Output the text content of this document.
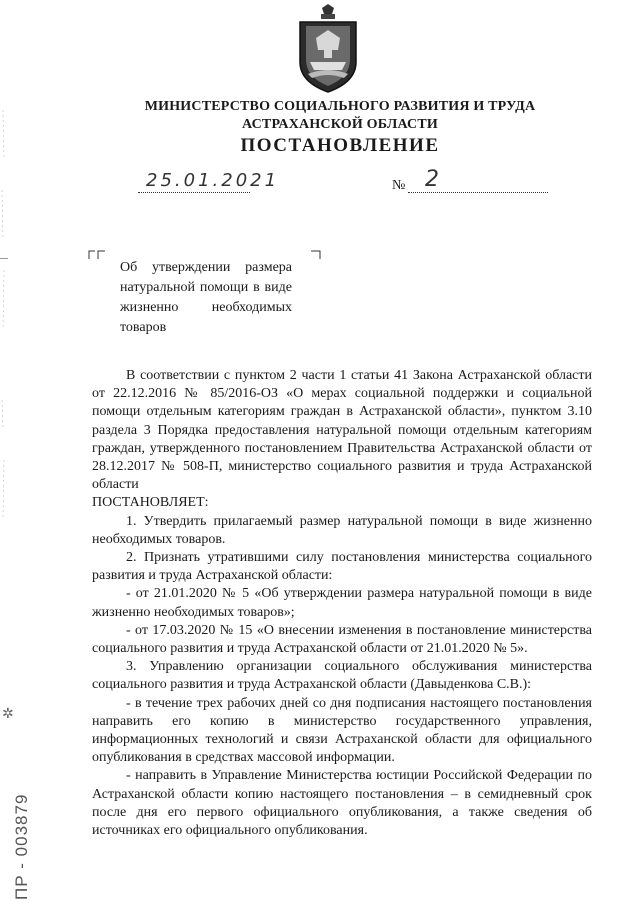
МИНИСТЕРСТВО СОЦИАЛЬНОГО РАЗВИТИЯ И ТРУДА
АСТРАХАНСКОЙ ОБЛАСТИ
ПОСТАНОВЛЕНИЕ
25.01.2021	№ 2
Об утверждении размера натуральной помощи в виде жизненно необходимых товаров

В соответствии с пунктом 2 части 1 статьи 41 Закона Астраханской области от 22.12.2016 № 85/2016-ОЗ «О мерах социальной поддержки и социальной помощи отдельным категориям граждан в Астраханской области», пунктом 3.10 раздела 3 Порядка предоставления натуральной помощи отдельным категориям граждан, утвержденного постановлением Правительства Астраханской области от 28.12.2017 № 508-П, министерство социального развития и труда Астраханской области

ПОСТАНОВЛЯЕТ:

1. Утвердить прилагаемый размер натуральной помощи в виде жизненно необходимых товаров.

2. Признать утратившими силу постановления министерства социального развития и труда Астраханской области:

- от 21.01.2020 № 5 «Об утверждении размера натуральной помощи в виде жизненно необходимых товаров»;

- от 17.03.2020 № 15 «О внесении изменения в постановление министерства социального развития и труда Астраханской области от 21.01.2020 № 5».

3. Управлению организации социального обслуживания министерства социального развития и труда Астраханской области (Давыденкова С.В.):

- в течение трех рабочих дней со дня подписания настоящего постановления направить его копию в министерство государственного управления, информационных технологий и связи Астраханской области для официального опубликования в средствах массовой информации.

- направить в Управление Министерства юстиции Российской Федерации по Астраханской области копию настоящего постановления – в семидневный срок после дня его первого официального опубликования, а также сведения об источниках его официального опубликования.

✲
ПР - 003879
